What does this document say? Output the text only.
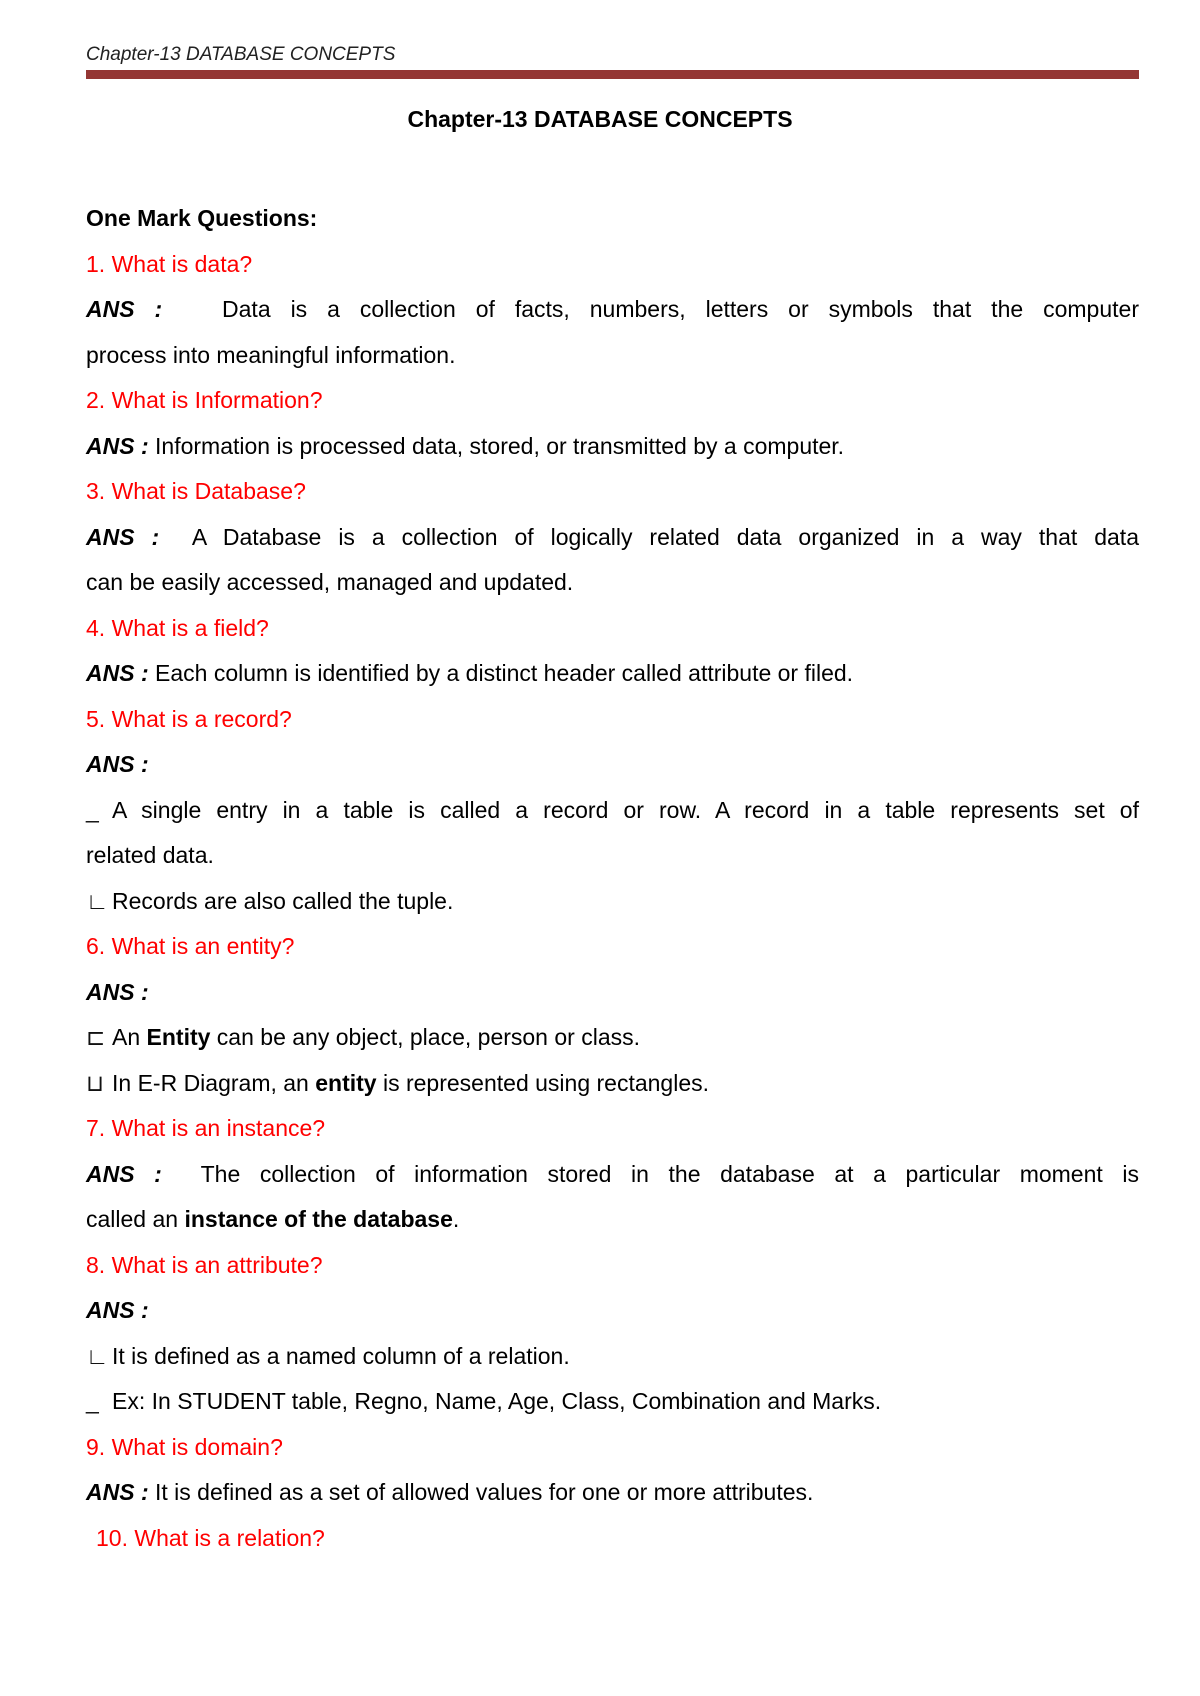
Chapter-13 DATABASE CONCEPTS
Chapter-13 DATABASE CONCEPTS

One Mark Questions:

1. What is data?

ANS :	Data is a collection of facts, numbers, letters or symbols that the computer

process into meaningful information.

2. What is Information?

ANS : Information is processed data, stored, or transmitted by a computer.

3. What is Database?

ANS : A Database is a collection of logically related data organized in a way that data

can be easily accessed, managed and updated.

4. What is a field?

ANS : Each column is identified by a distinct header called attribute or filed.

5. What is a record?

ANS :

_ A single entry in a table is called a record or row. A record in a table represents set of

related data.

∟ Records are also called the tuple.

6. What is an entity?

ANS :

⊏ An Entity can be any object, place, person or class.

⊔ In E-R Diagram, an entity is represented using rectangles.

7. What is an instance?

ANS : The collection of information stored in the database at a particular moment is

called an instance of the database.

8. What is an attribute?

ANS :

∟ It is defined as a named column of a relation.

_ Ex: In STUDENT table, Regno, Name, Age, Class, Combination and Marks.

9. What is domain?

ANS : It is defined as a set of allowed values for one or more attributes.

10. What is a relation?
